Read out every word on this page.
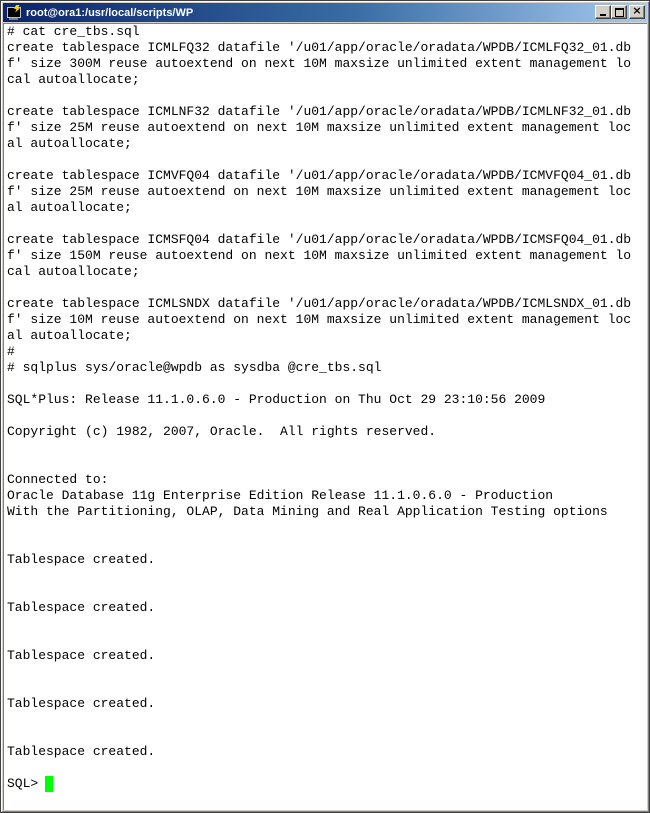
root@ora1:/usr/local/scripts/WP	×
# cat cre_tbs.sql
create tablespace ICMLFQ32 datafile '/u01/app/oracle/oradata/WPDB/ICMLFQ32_01.db
f' size 300M reuse autoextend on next 10M maxsize unlimited extent management lo
cal autoallocate;

create tablespace ICMLNF32 datafile '/u01/app/oracle/oradata/WPDB/ICMLNF32_01.db
f' size 25M reuse autoextend on next 10M maxsize unlimited extent management loc
al autoallocate;

create tablespace ICMVFQ04 datafile '/u01/app/oracle/oradata/WPDB/ICMVFQ04_01.db
f' size 25M reuse autoextend on next 10M maxsize unlimited extent management loc
al autoallocate;

create tablespace ICMSFQ04 datafile '/u01/app/oracle/oradata/WPDB/ICMSFQ04_01.db
f' size 150M reuse autoextend on next 10M maxsize unlimited extent management lo
cal autoallocate;

create tablespace ICMLSNDX datafile '/u01/app/oracle/oradata/WPDB/ICMLSNDX_01.db
f' size 10M reuse autoextend on next 10M maxsize unlimited extent management loc
al autoallocate;
#
# sqlplus sys/oracle@wpdb as sysdba @cre_tbs.sql

SQL*Plus: Release 11.1.0.6.0 - Production on Thu Oct 29 23:10:56 2009

Copyright (c) 1982, 2007, Oracle.  All rights reserved.

Connected to:
Oracle Database 11g Enterprise Edition Release 11.1.0.6.0 - Production
With the Partitioning, OLAP, Data Mining and Real Application Testing options

Tablespace created.

Tablespace created.

Tablespace created.

Tablespace created.

Tablespace created.

SQL>
